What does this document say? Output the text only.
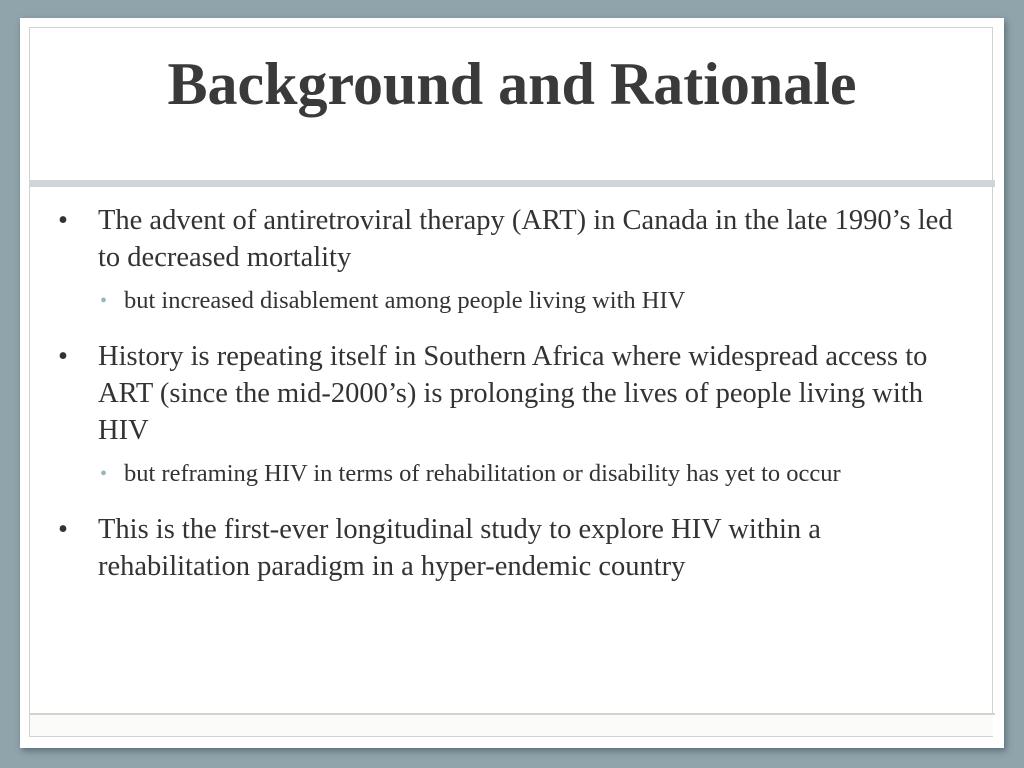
Background and Rationale
• The advent of antiretroviral therapy (ART) in Canada in the late 1990’s led to decreased mortality
• but increased disablement among people living with HIV
• History is repeating itself in Southern Africa where widespread access to ART (since the mid-2000’s) is prolonging the lives of people living with HIV
• but reframing HIV in terms of rehabilitation or disability has yet to occur
• This is the first-ever longitudinal study to explore HIV within a rehabilitation paradigm in a hyper-endemic country
